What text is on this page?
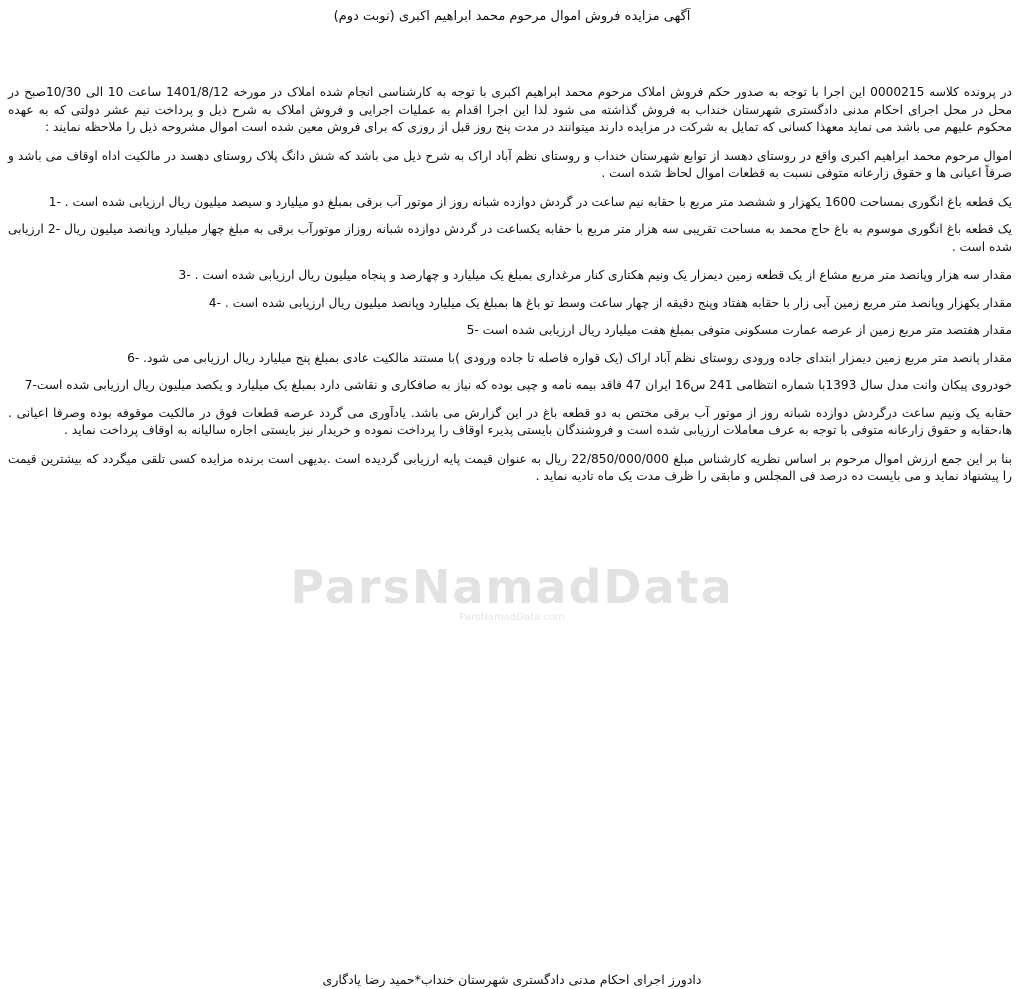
ParsNamadData
ParsNamadData.com
آگهی مزایده فروش اموال مرحوم محمد ابراهیم اکبری (نوبت دوم)

در پرونده کلاسه 0000215 این اجرا با توجه به صدور حکم فروش املاک مرحوم محمد ابراهیم اکبری با توجه به کارشناسی انجام شده املاک در مورخه 1401/8/12 ساعت 10 الی 10/30صبح در محل در محل اجرای احکام مدنی دادگستری شهرستان خنداب به فروش گذاشته می شود لذا این اجرا اقدام به عملیات اجرایی و فروش املاک به شرح ذیل و پرداخت نیم عشر دولتی که به عهده محکوم علیهم می باشد می نماید معهذا کسانی که تمایل به شرکت در مزایده دارند میتوانند در مدت پنج روز قبل از روزی که برای فروش معین شده است اموال مشروحه ذیل را ملاحظه نمایند :

اموال مرحوم محمد ابراهیم اکبری واقع در روستای دهسد از توابع شهرستان خنداب و روستای نظم آباد اراک به شرح ذیل می باشد که شش دانگ پلاک روستای دهسد در مالکیت اداه اوقاف می باشد و صرفاً اعیانی ها و حقوق زارعانه متوفی نسبت به قطعات اموال لحاظ شده است .

یک قطعه باغ انگوری بمساحت 1600 یکهزار و ششصد متر مربع با حقابه نیم ساعت در گردش دوازده شبانه روز از موتور آب برقی بمبلغ دو میلیارد و سیصد میلیون ریال ارزیابی شده است . -1

یک قطعه باغ انگوری موسوم به باغ حاج محمد به مساحت تقریبی سه هزار متر مربع با حقابه یکساعت در گردش دوازده شبانه روزاز موتورآب برقی به مبلغ چهار میلیارد وپانصد میلیون ریال -2 ارزیابی شده است .

مقدار سه هزار وپانصد متر مربع مشاع از یک قطعه زمین دیمزار یک ونیم هکتاری کنار مرغداری بمبلغ یک میلیارد و چهارصد و پنجاه میلیون ریال ارزیابی شده است . -3

مقدار یکهزار وپانصد متر مربع زمین آبی زار با حقابه هفتاد وپنج دقیقه از چهار ساعت وسط تو باغ ها بمبلغ یک میلیارد وپانصد میلیون ریال ارزیابی شده است . -4

مقدار هفتصد متر مربع زمین از عرصه عمارت مسکونی متوفی بمبلغ هفت میلیارد ریال ارزیابی شده است -5

مقدار پانصد متر مربع زمین دیمزار ابتدای جاده ورودی روستای نظم آباد اراک (یک قواره فاصله تا جاده ورودی )با مستند مالکیت عادی بمبلغ پنج میلیارد ریال ارزیابی می شود. -6

خودروی پیکان وانت مدل سال 1393با شماره انتظامی 241 س16 ایران 47 فاقد بیمه نامه و چپی بوده که نیاز به صافکاری و نقاشی دارد بمبلغ یک میلیارد و یکصد میلیون ریال ارزیابی شده است-7

حقابه یک ونیم ساعت درگردش دوازده شبانه روز از موتور آب برقی مختص به دو قطعه باغ در این گزارش می باشد. یادآوری می گردد عرصه قطعات فوق در مالکیت موقوفه بوده وصرفا اعیانی . ها،حقابه و حقوق زارعانه متوفی با توجه به عرف معاملات ارزیابی شده است و فروشندگان بایستی پذیرء اوقاف را پرداخت نموده و خریدار نیز بایستی اجاره سالیانه به اوقاف پرداخت نماید .

بنا بر این جمع ارزش اموال مرحوم بر اساس نظریه کارشناس مبلغ 22/850/000/000 ریال به عنوان قیمت پایه ارزیابی گردیده است .بدیهی است برنده مزایده کسی تلقی میگردد که بیشترین قیمت را پیشنهاد نماید و می بایست ده درصد فی المجلس و مابقی را ظرف مدت یک ماه تادیه نماید .

دادورز اجرای احکام مدنی دادگستری شهرستان خنداب*حمید رضا یادگاری
